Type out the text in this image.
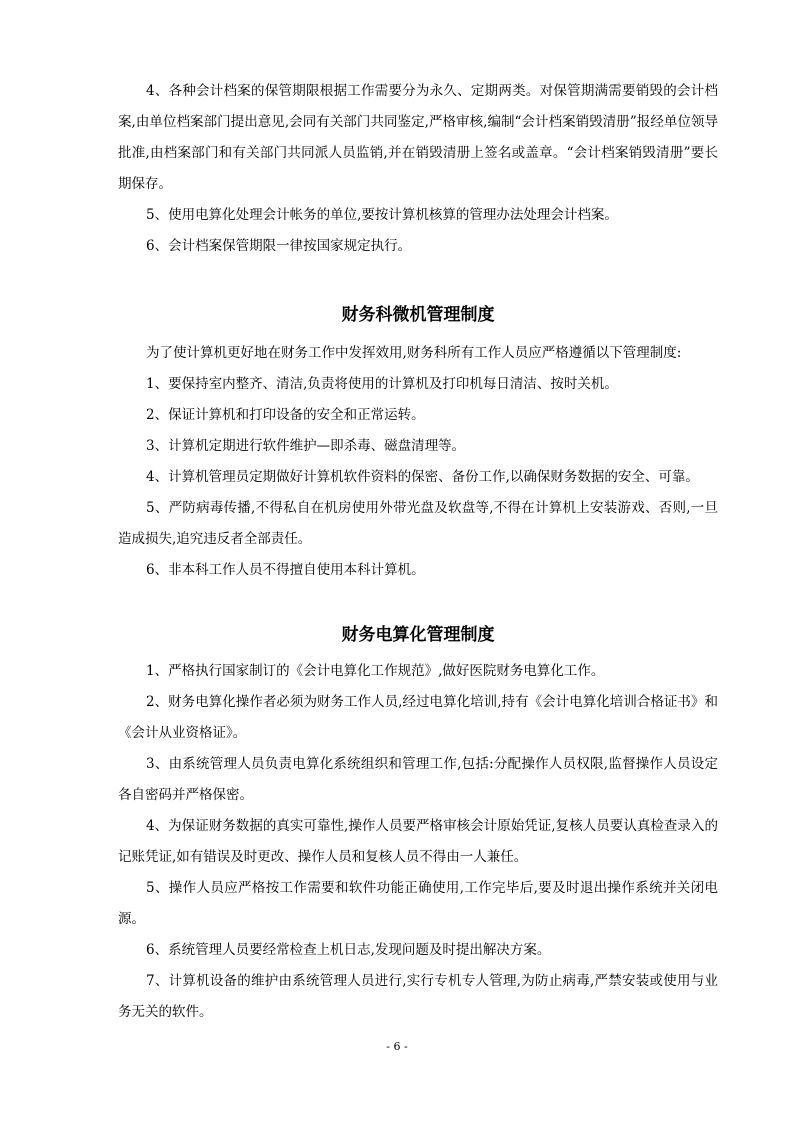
4、各种会计档案的保管期限根据工作需要分为永久、定期两类。对保管期满需要销毁的会计档案,由单位档案部门提出意见,会同有关部门共同鉴定,严格审核,编制“会计档案销毁清册”报经单位领导批准,由档案部门和有关部门共同派人员监销,并在销毁清册上签名或盖章。“会计档案销毁清册”要长期保存。

5、使用电算化处理会计帐务的单位,要按计算机核算的管理办法处理会计档案。

6、会计档案保管期限一律按国家规定执行。

财务科微机管理制度

为了使计算机更好地在财务工作中发挥效用,财务科所有工作人员应严格遵循以下管理制度:

1、要保持室内整齐、清洁,负责将使用的计算机及打印机每日清洁、按时关机。

2、保证计算机和打印设备的安全和正常运转。

3、计算机定期进行软件维护—即杀毒、磁盘清理等。

4、计算机管理员定期做好计算机软件资料的保密、备份工作,以确保财务数据的安全、可靠。

5、严防病毒传播,不得私自在机房使用外带光盘及软盘等,不得在计算机上安装游戏、否则,一旦造成损失,追究违反者全部责任。

6、非本科工作人员不得擅自使用本科计算机。

财务电算化管理制度

1、严格执行国家制订的《会计电算化工作规范》,做好医院财务电算化工作。

2、财务电算化操作者必须为财务工作人员,经过电算化培训,持有《会计电算化培训合格证书》和《会计从业资格证》。

3、由系统管理人员负责电算化系统组织和管理工作,包括:分配操作人员权限,监督操作人员设定各自密码并严格保密。

4、为保证财务数据的真实可靠性,操作人员要严格审核会计原始凭证,复核人员要认真检查录入的记账凭证,如有错误及时更改、操作人员和复核人员不得由一人兼任。

5、操作人员应严格按工作需要和软件功能正确使用,工作完毕后,要及时退出操作系统并关闭电源。

6、系统管理人员要经常检查上机日志,发现问题及时提出解决方案。

7、计算机设备的维护由系统管理人员进行,实行专机专人管理,为防止病毒,严禁安装或使用与业务无关的软件。

- 6 -
